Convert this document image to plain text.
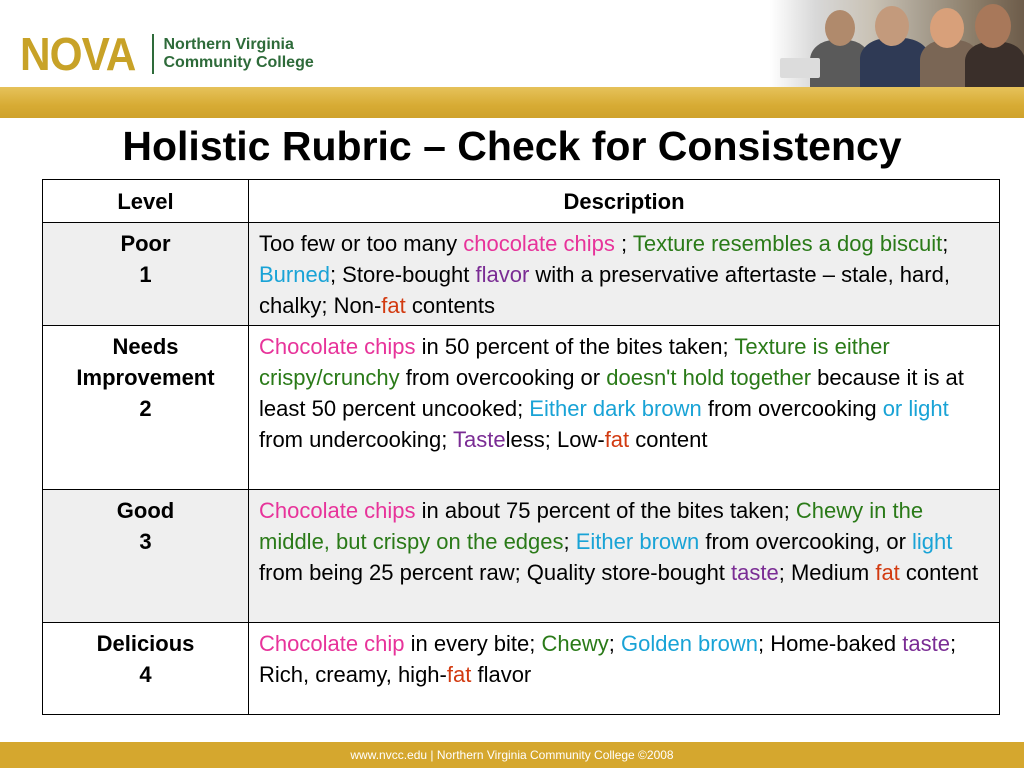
NOVA Northern Virginia
Community College
Holistic Rubric – Check for Consistency
Level	Description

Poor
1	Too few or too many chocolate chips ; Texture resembles a dog biscuit; Burned; Store-bought flavor with a preservative aftertaste – stale, hard, chalky; Non-fat contents

Needs Improvement
2	Chocolate chips in 50 percent of the bites taken; Texture is either crispy/crunchy from overcooking or doesn't hold together because it is at least 50 percent uncooked; Either dark brown from overcooking or light from undercooking; Tasteless; Low-fat content

Good
3	Chocolate chips in about 75 percent of the bites taken; Chewy in the middle, but crispy on the edges; Either brown from overcooking, or light from being 25 percent raw; Quality store-bought taste; Medium fat content

Delicious
4	Chocolate chip in every bite; Chewy; Golden brown; Home-baked taste; Rich, creamy, high-fat flavor
www.nvcc.edu | Northern Virginia Community College ©2008
